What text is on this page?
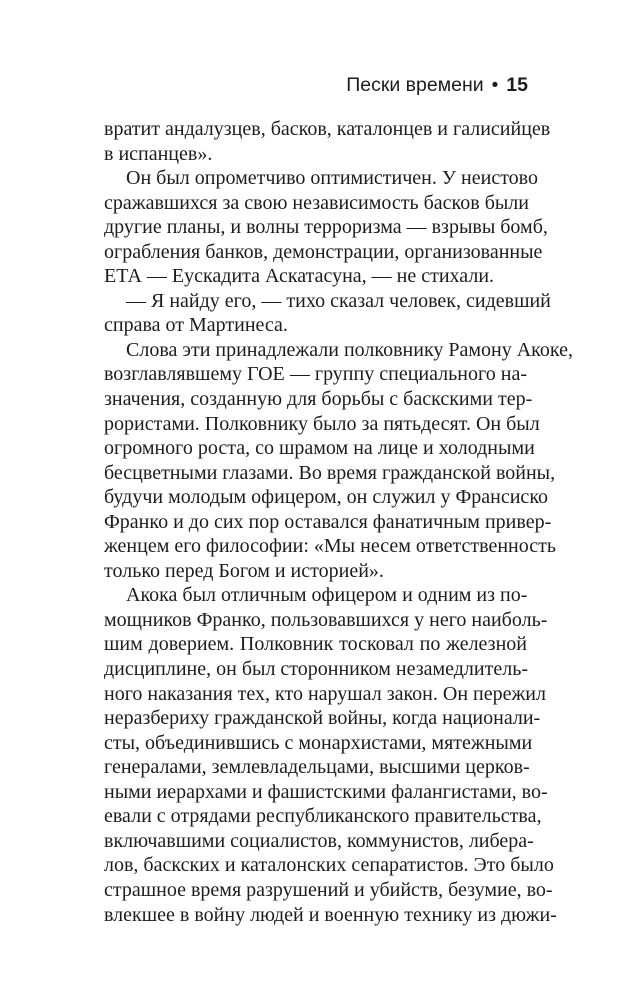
Пески времени • 15
вратит андалузцев, басков, каталонцев и галисийцев
в испанцев».
Он был опрометчиво оптимистичен. У неистово
сражавшихся за свою независимость басков были
другие планы, и волны терроризма — взрывы бомб,
ограбления банков, демонстрации, организованные
ЕТА — Еускадита Аскатасуна, — не стихали.
— Я найду его, — тихо сказал человек, сидевший
справа от Мартинеса.
Слова эти принадлежали полковнику Рамону Акоке,
возглавлявшему ГОЕ — группу специального на-
значения, созданную для борьбы с баскскими тер-
рористами. Полковнику было за пятьдесят. Он был
огромного роста, со шрамом на лице и холодными
бесцветными глазами. Во время гражданской войны,
будучи молодым офицером, он служил у Франсиско
Франко и до сих пор оставался фанатичным привер-
женцем его философии: «Мы несем ответственность
только перед Богом и историей».
Акока был отличным офицером и одним из по-
мощников Франко, пользовавшихся у него наиболь-
шим доверием. Полковник тосковал по железной
дисциплине, он был сторонником незамедлитель-
ного наказания тех, кто нарушал закон. Он пережил
неразбериху гражданской войны, когда национали-
сты, объединившись с монархистами, мятежными
генералами, землевладельцами, высшими церков-
ными иерархами и фашистскими фалангистами, во-
евали с отрядами республиканского правительства,
включавшими социалистов, коммунистов, либера-
лов, баскских и каталонских сепаратистов. Это было
страшное время разрушений и убийств, безумие, во-
влекшее в войну людей и военную технику из дюжи-
